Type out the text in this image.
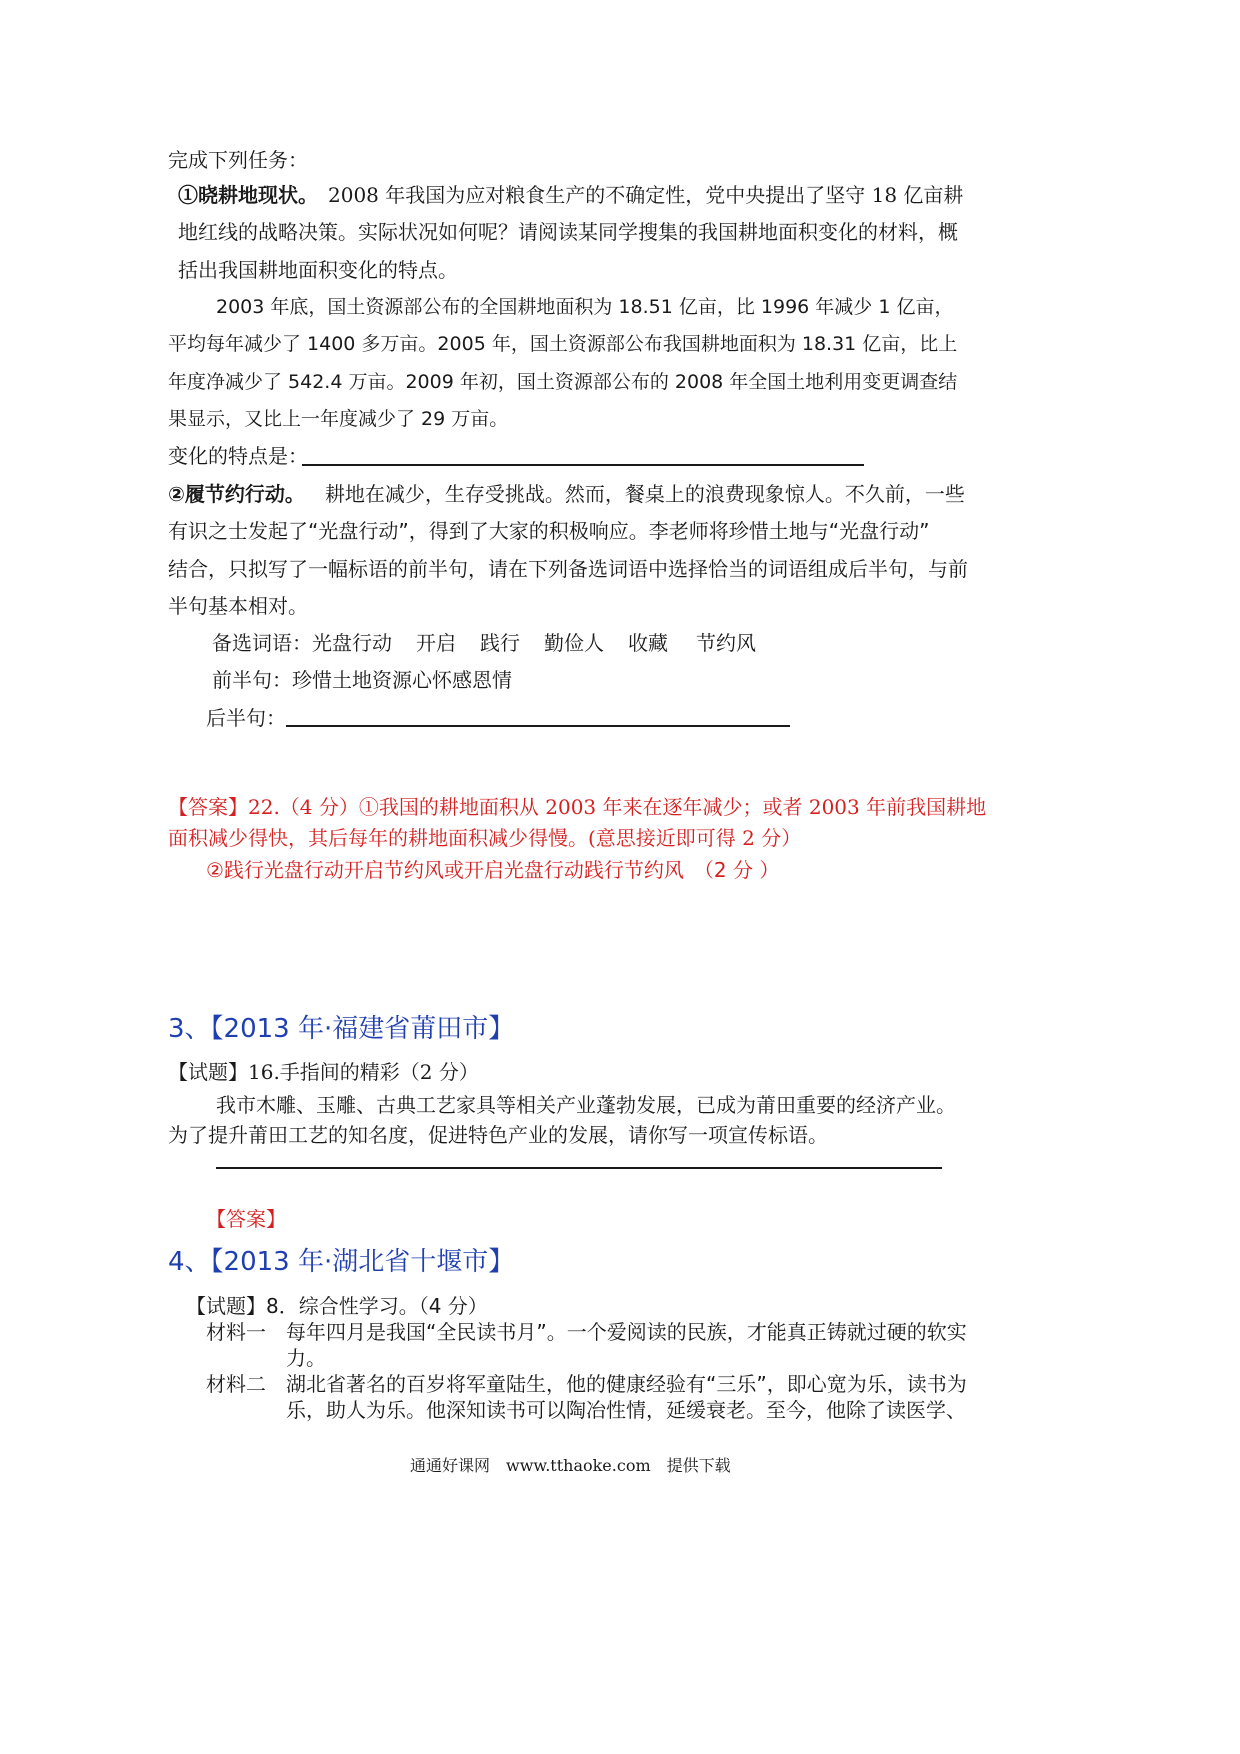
完成下列任务：
①晓耕地现状。 2008 年我国为应对粮食生产的不确定性，党中央提出了坚守 18 亿亩耕
地红线的战略决策。实际状况如何呢？请阅读某同学搜集的我国耕地面积变化的材料，概
括出我国耕地面积变化的特点。
2003 年底，国土资源部公布的全国耕地面积为 18.51 亿亩，比 1996 年减少 1 亿亩，
平均每年减少了 1400 多万亩。2005 年，国土资源部公布我国耕地面积为 18.31 亿亩，比上
年度净减少了 542.4 万亩。2009 年初，国土资源部公布的 2008 年全国土地利用变更调查结
果显示，又比上一年度减少了 29 万亩。
变化的特点是：
②履节约行动。 耕地在减少，生存受挑战。然而，餐桌上的浪费现象惊人。不久前，一些
有识之士发起了“光盘行动”，得到了大家的积极响应。李老师将珍惜土地与“光盘行动”
结合，只拟写了一幅标语的前半句，请在下列备选词语中选择恰当的词语组成后半句，与前
半句基本相对。
备选词语：光盘行动 开启 践行 勤俭人 收藏 节约风
前半句：珍惜土地资源心怀感恩情
后半句：
【答案】22.（4 分）①我国的耕地面积从 2003 年来在逐年减少；或者 2003 年前我国耕地
面积减少得快，其后每年的耕地面积减少得慢。(意思接近即可得 2 分）
②践行光盘行动开启节约风或开启光盘行动践行节约风　（2 分 ）
3、【2013 年·福建省莆田市】
【试题】16.手指间的精彩（2 分）
我市木雕、玉雕、古典工艺家具等相关产业蓬勃发展，已成为莆田重要的经济产业。
为了提升莆田工艺的知名度，促进特色产业的发展，请你写一项宣传标语。
【答案】
4、【2013 年·湖北省十堰市】
【试题】8．综合性学习。（4 分）
材料一 每年四月是我国“全民读书月”。一个爱阅读的民族，才能真正铸就过硬的软实
力。
材料二 湖北省著名的百岁将军童陆生，他的健康经验有“三乐”，即心宽为乐，读书为
乐，助人为乐。他深知读书可以陶冶性情，延缓衰老。至今，他除了读医学、
通通好课网　www.tthaoke.com　提供下载
